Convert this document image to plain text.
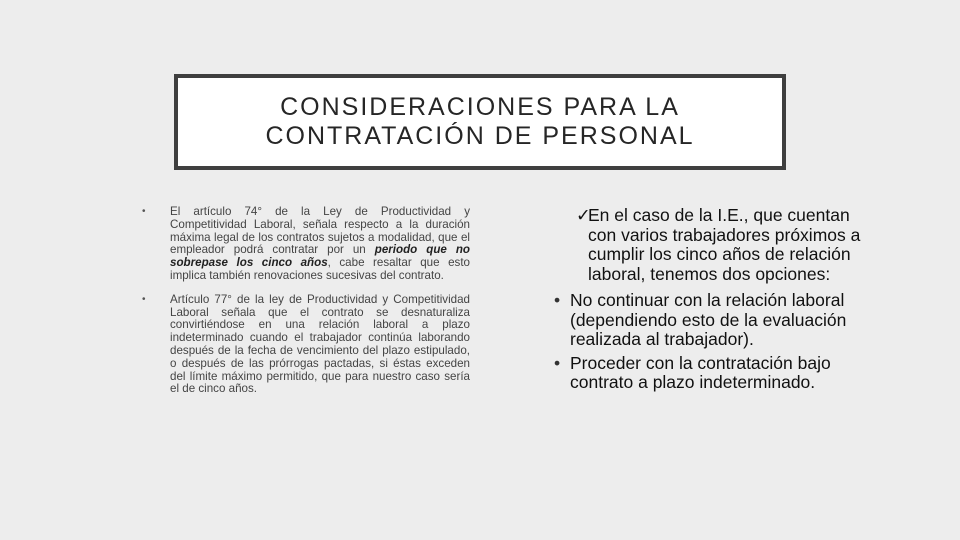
CONSIDERACIONES PARA LA
CONTRATACIÓN DE PERSONAL
• El artículo 74° de la Ley de Productividad y Competitividad Laboral, señala respecto a la duración máxima legal de los contratos sujetos a modalidad, que el empleador podrá contratar por un periodo que no sobrepase los cinco años, cabe resaltar que esto implica también renovaciones sucesivas del contrato.
• Artículo 77° de la ley de Productividad y Competitividad Laboral señala que el contrato se desnaturaliza convirtiéndose en una relación laboral a plazo indeterminado cuando el trabajador continúa laborando después de la fecha de vencimiento del plazo estipulado, o después de las prórrogas pactadas, si éstas exceden del límite máximo permitido, que para nuestro caso sería el de cinco años.
✓
En el caso de la I.E., que cuentan con varios trabajadores próximos a cumplir los cinco años de relación laboral, tenemos dos opciones:
• No continuar con la relación laboral (dependiendo esto de la evaluación realizada al trabajador).
• Proceder con la contratación bajo contrato a plazo indeterminado.
